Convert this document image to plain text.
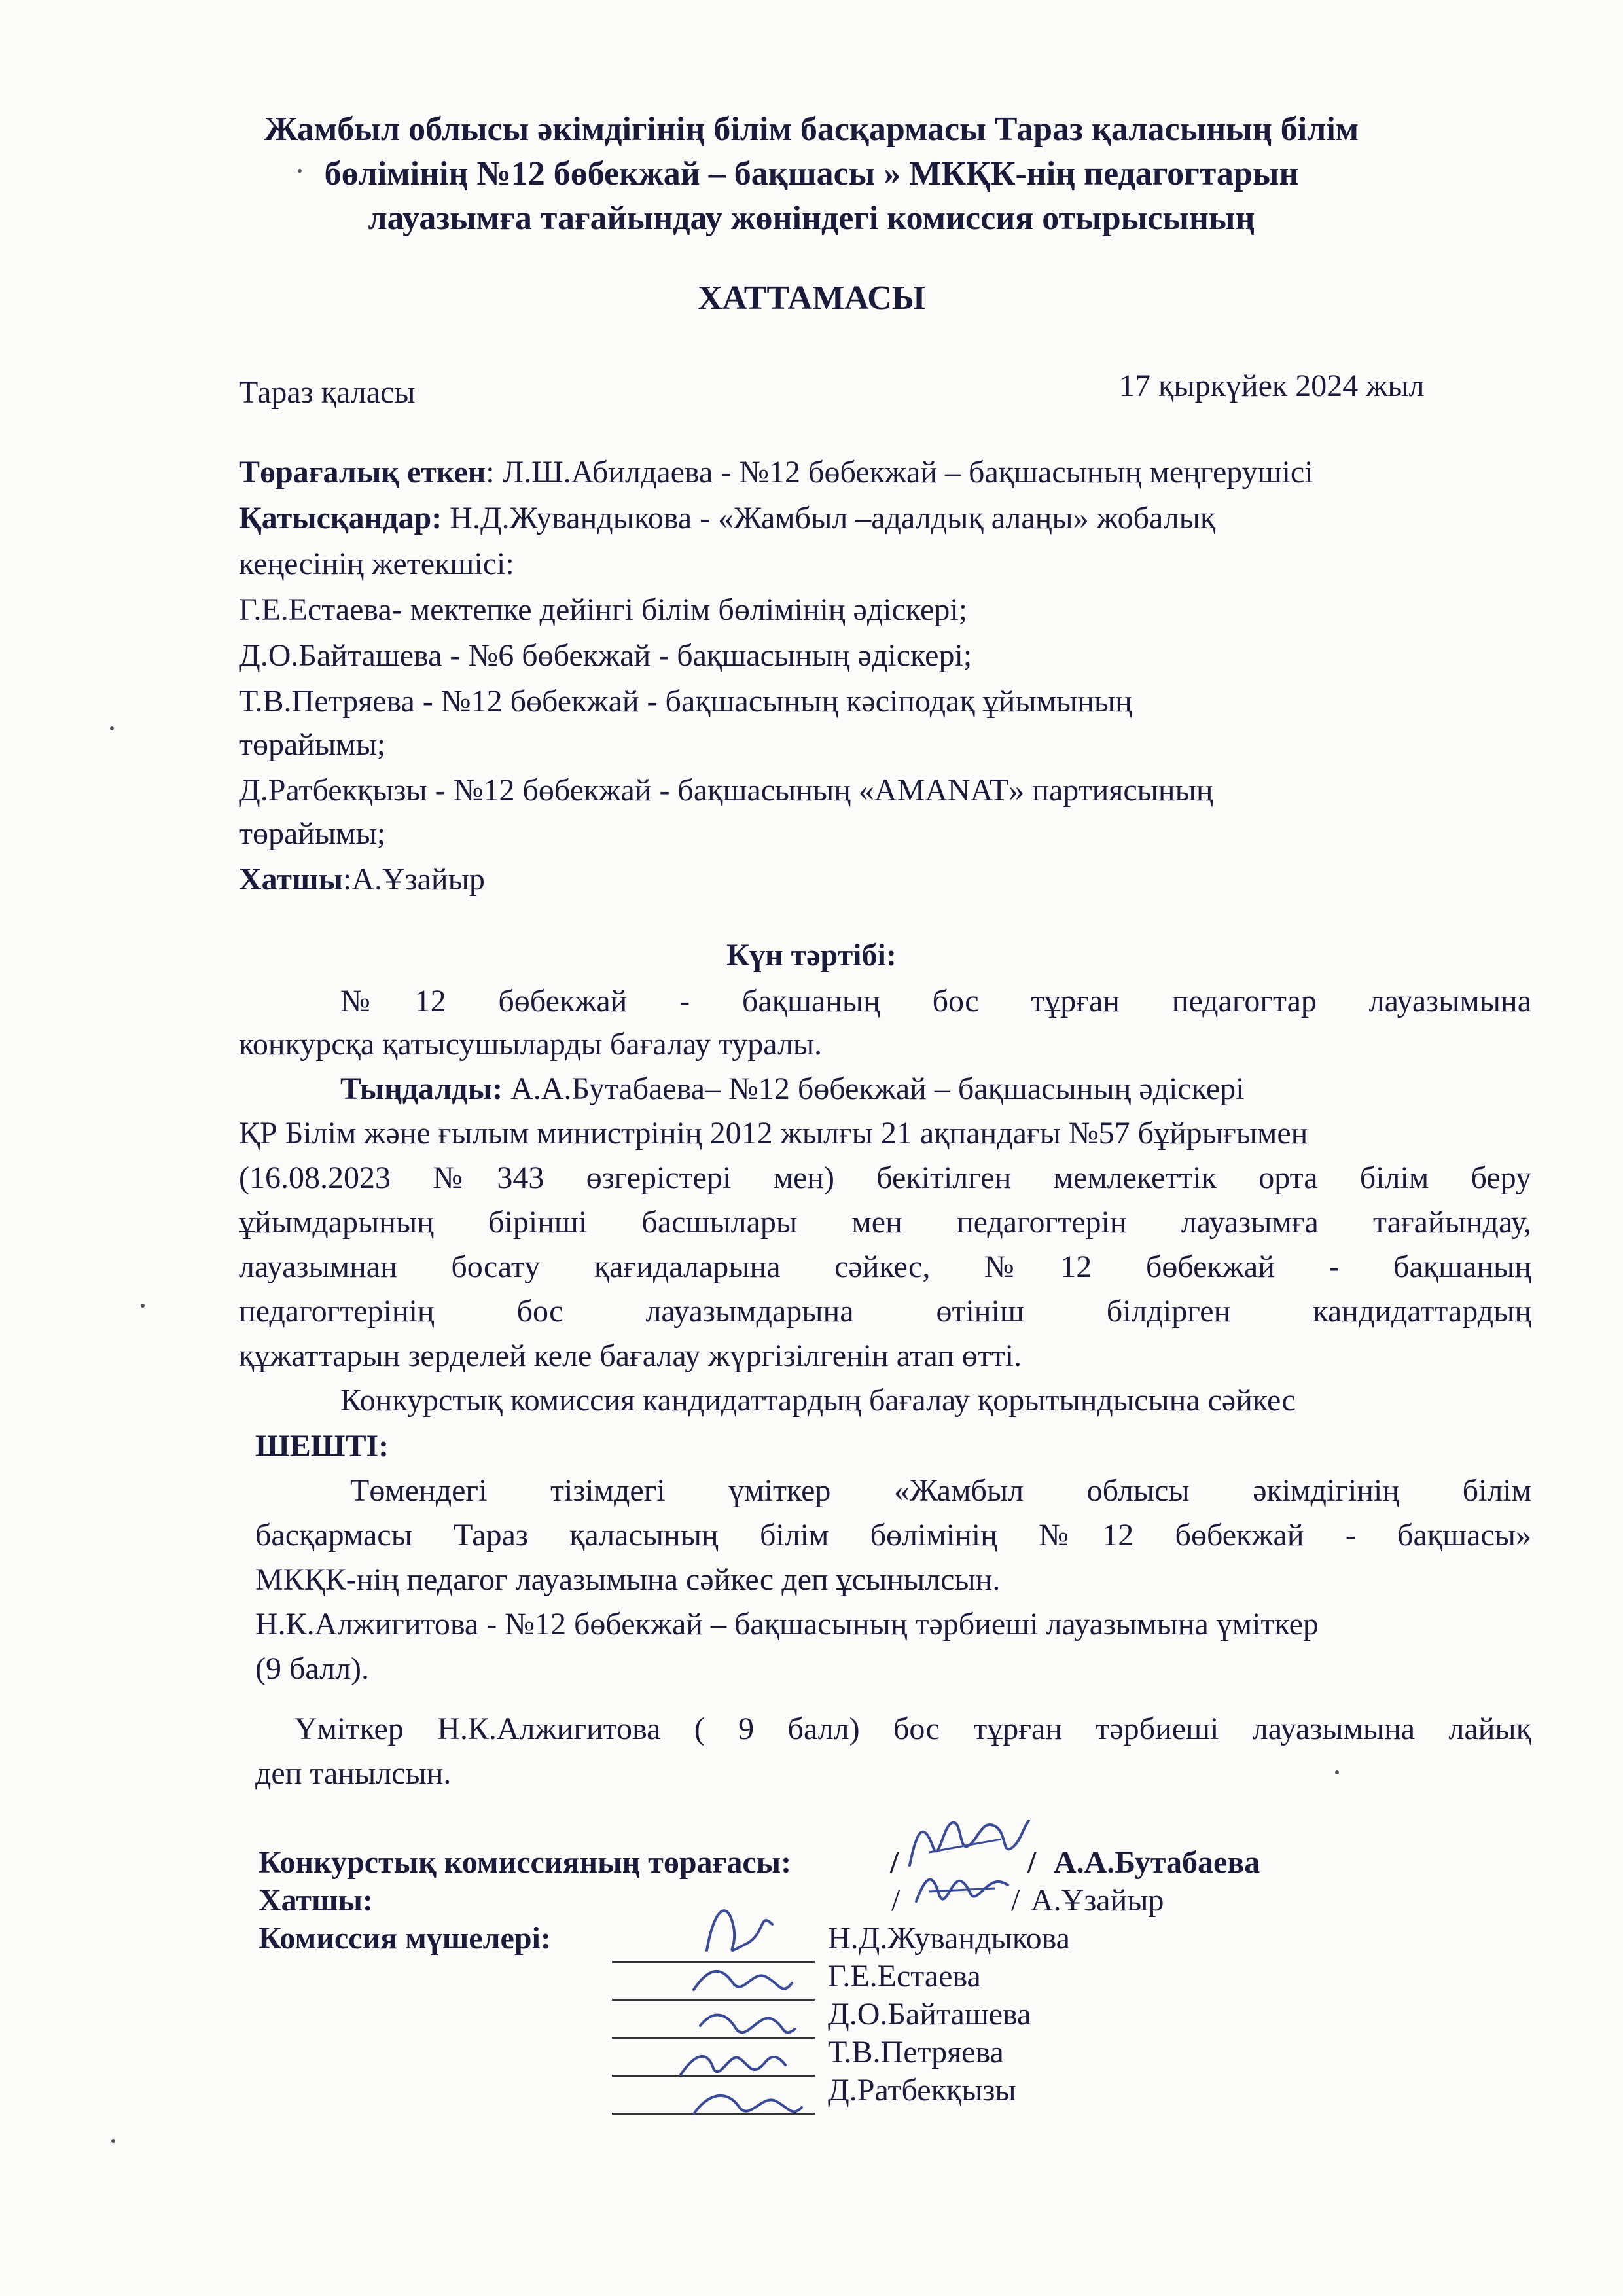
Жамбыл облысы әкімдігінің білім басқармасы Тараз қаласының білім
бөлімінің №12 бөбекжай – бақшасы » МКҚК-нің педагогтарын
лауазымға тағайындау жөніндегі комиссия отырысының
ХАТТАМАСЫ
Тараз қаласы	17 қыркүйек 2024 жыл
Төрағалық еткен: Л.Ш.Абилдаева - №12 бөбекжай – бақшасының меңгерушісі
Қатысқандар: Н.Д.Жувандыкова - «Жамбыл –адалдық алаңы» жобалық
кеңесінің жетекшісі:
Г.Е.Естаева- мектепке дейінгі білім бөлімінің әдіскері;
Д.О.Байташева - №6 бөбекжай - бақшасының әдіскері;
Т.В.Петряева - №12 бөбекжай - бақшасының кәсіподақ ұйымының
төрайымы;
Д.Ратбекқызы - №12 бөбекжай - бақшасының «AMANAT» партиясының
төрайымы;
Хатшы:А.Ұзайыр
Күн тәртібі:
№12 бөбекжай - бақшаның бос тұрған педагогтар лауазымына
конкурсқа қатысушыларды бағалау туралы.
Тыңдалды: А.А.Бутабаева– №12 бөбекжай – бақшасының әдіскері
ҚР Білім және ғылым министрінің 2012 жылғы 21 ақпандағы №57 бұйрығымен
(16.08.2023 №343 өзгерістері мен) бекітілген мемлекеттік орта білім беру
ұйымдарының бірінші басшылары мен педагогтерін лауазымға тағайындау,
лауазымнан босату қағидаларына сәйкес, №12 бөбекжай - бақшаның
педагогтерінің бос лауазымдарына өтініш білдірген кандидаттардың
құжаттарын зерделей келе бағалау жүргізілгенін атап өтті.
Конкурстық комиссия кандидаттардың бағалау қорытындысына сәйкес
ШЕШТІ:
Төмендегі тізімдегі үміткер «Жамбыл облысы әкімдігінің білім
басқармасы Тараз қаласының білім бөлімінің №12 бөбекжай - бақшасы»
МКҚК-нің педагог лауазымына сәйкес деп ұсынылсын.
Н.К.Алжигитова - №12 бөбекжай – бақшасының тәрбиеші лауазымына үміткер
(9 балл).
Үміткер Н.К.Алжигитова ( 9 балл) бос тұрған тәрбиеші лауазымына лайық
деп танылсын.
Конкурстық комиссияның төрағасы:	/	/ А.А.Бутабаева
Хатшы:	/	/ А.Ұзайыр
Комиссия мүшелері:	Н.Д.Жувандыкова
Г.Е.Естаева
Д.О.Байташева
Т.В.Петряева
Д.Ратбекқызы
